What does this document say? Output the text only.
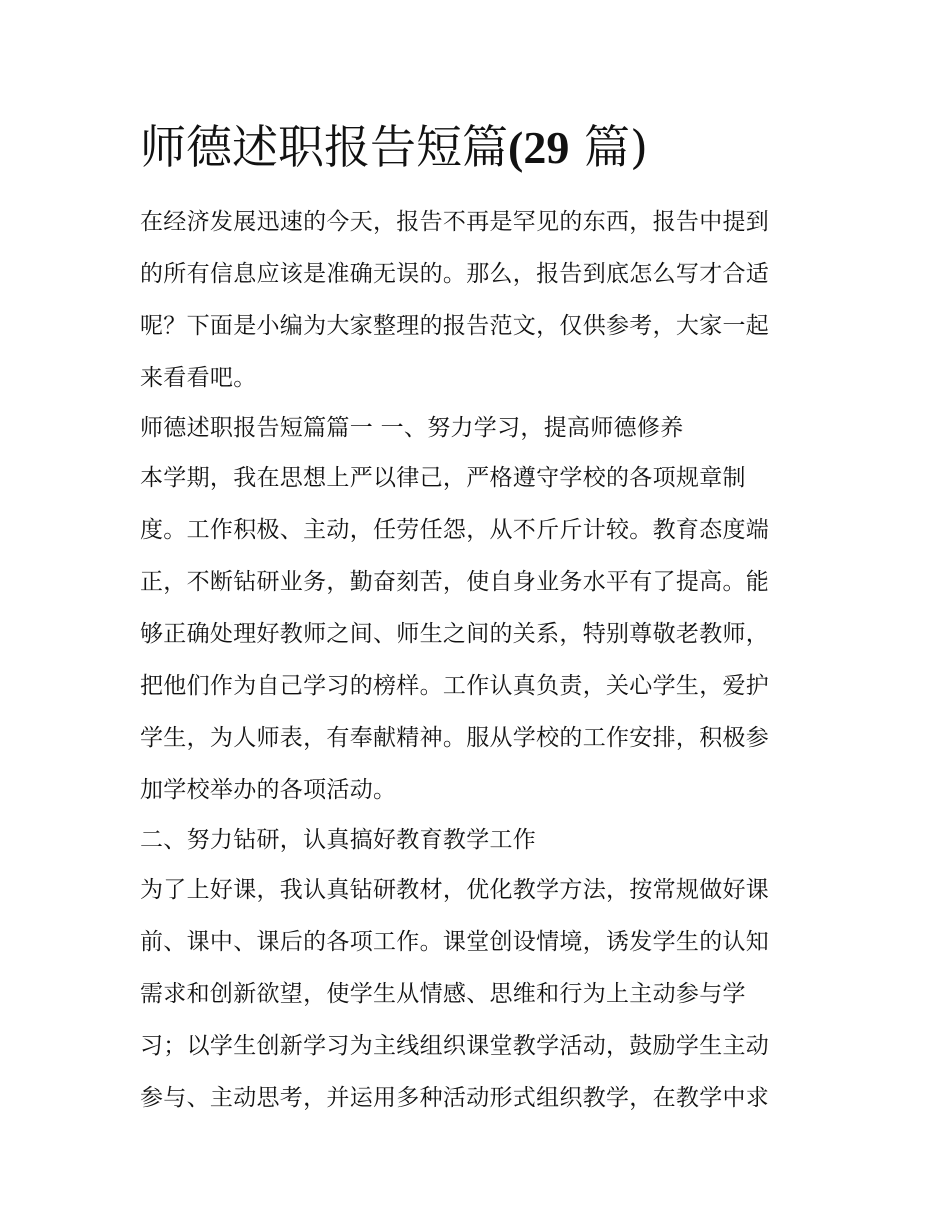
师德述职报告短篇(29 篇)
在经济发展迅速的今天，报告不再是罕见的东西，报告中提到
的所有信息应该是准确无误的。那么，报告到底怎么写才合适
呢？下面是小编为大家整理的报告范文，仅供参考，大家一起
来看看吧。
师德述职报告短篇篇一 一、努力学习，提高师德修养
本学期，我在思想上严以律己，严格遵守学校的各项规章制
度。工作积极、主动，任劳任怨，从不斤斤计较。教育态度端
正，不断钻研业务，勤奋刻苦，使自身业务水平有了提高。能
够正确处理好教师之间、师生之间的关系，特别尊敬老教师，
把他们作为自己学习的榜样。工作认真负责，关心学生，爱护
学生，为人师表，有奉献精神。服从学校的工作安排，积极参
加学校举办的各项活动。
二、努力钻研，认真搞好教育教学工作
为了上好课，我认真钻研教材，优化教学方法，按常规做好课
前、课中、课后的各项工作。课堂创设情境，诱发学生的认知
需求和创新欲望，使学生从情感、思维和行为上主动参与学
习；以学生创新学习为主线组织课堂教学活动，鼓励学生主动
参与、主动思考，并运用多种活动形式组织教学，在教学中求
